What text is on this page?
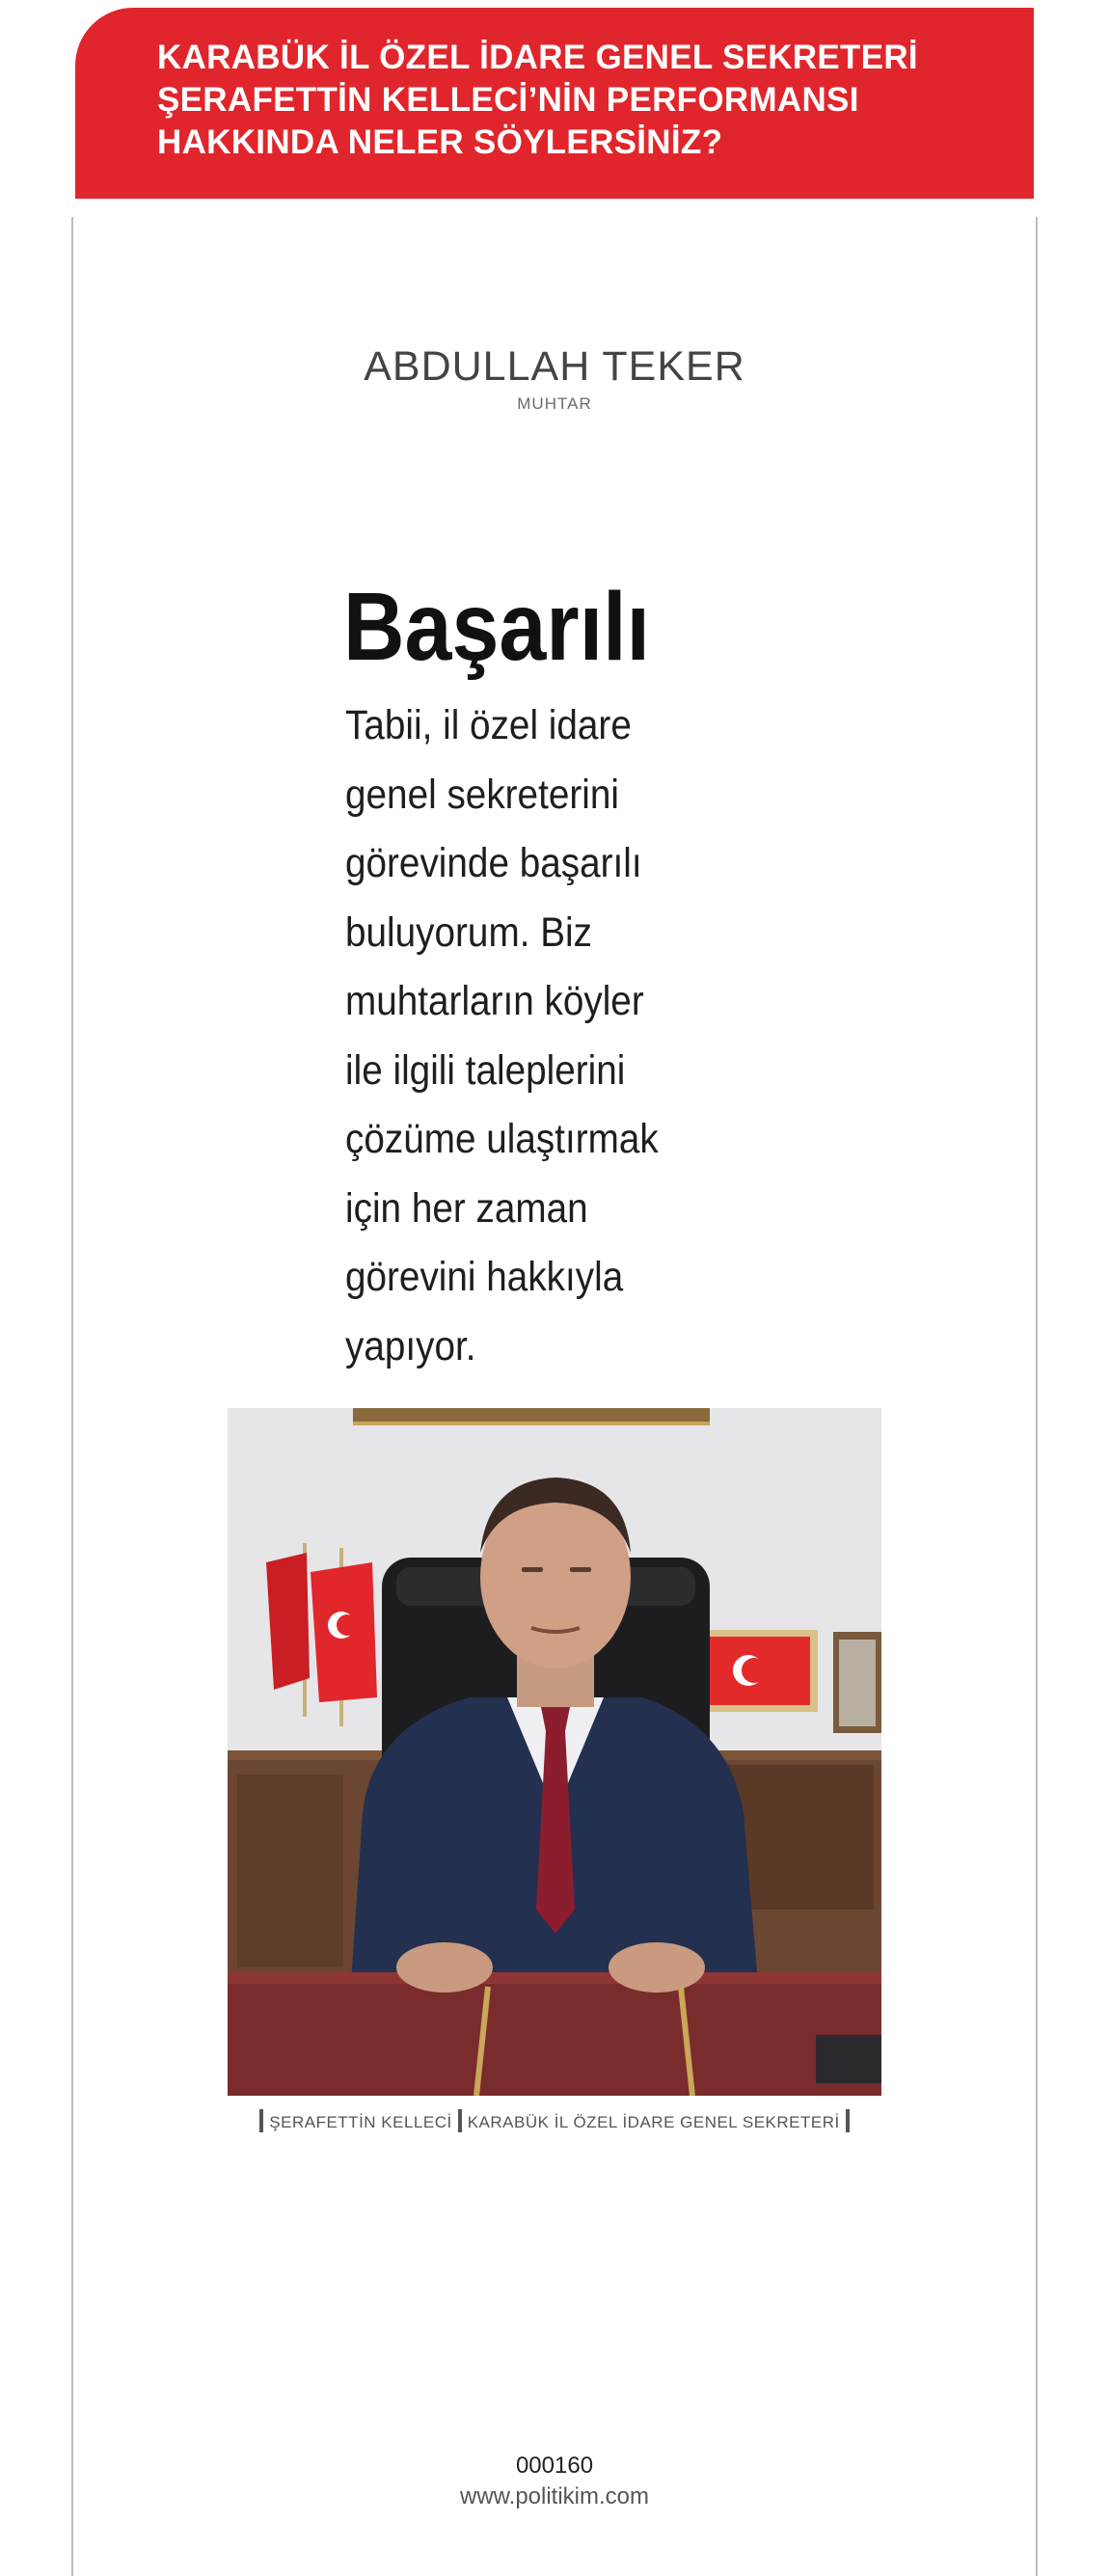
KARABÜK İL ÖZEL İDARE GENEL SEKRETERİ
ŞERAFETTİN KELLECİ’NİN PERFORMANSI
HAKKINDA NELER SÖYLERSİNİZ?
ABDULLAH TEKER
MUHTAR
Başarılı
Tabii, il özel idare
genel sekreterini
görevinde başarılı
buluyorum. Biz
muhtarların köyler
ile ilgili taleplerini
çözüme ulaştırmak
için her zaman
görevini hakkıyla
yapıyor.
ŞERAFETTİN KELLECİ KARABÜK İL ÖZEL İDARE GENEL SEKRETERİ
000160
www.politikim.com
